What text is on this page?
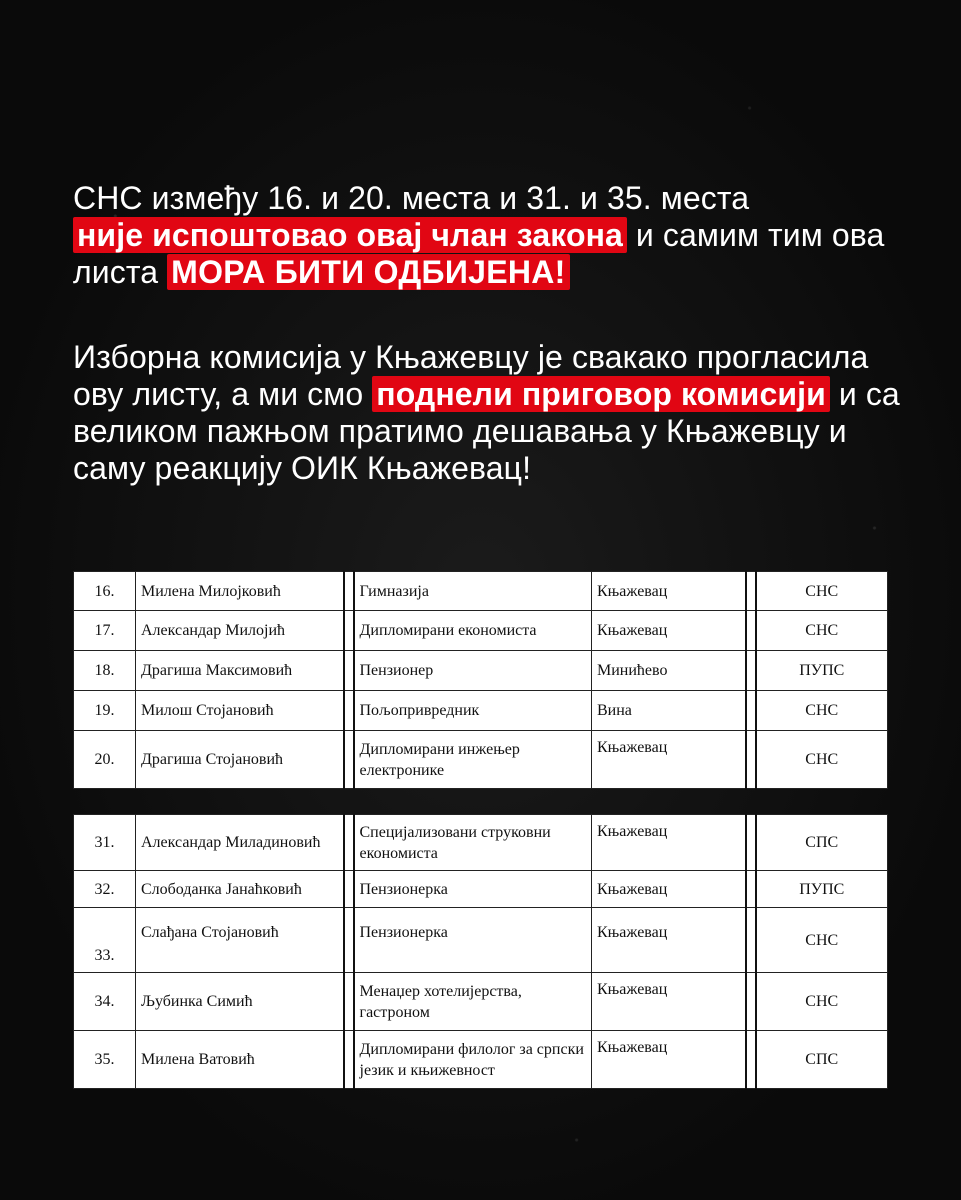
СНС између 16. и 20. места и 31. и 35. места
није испоштовао овај члан закона и самим тим ова листа МОРА БИТИ ОДБИЈЕНА!
Изборна комисија у Књажевцу је свакако прогласила ову листу, а ми смо поднели приговор комисији и са великом пажњом пратимо дешавања у Књажевцу и саму реакцију ОИК Књажевац!
16.	Милена Милојковић		Гимназија	Књажевац		СНС
17.	Александар Милојић		Дипломирани економиста	Књажевац		СНС
18.	Драгиша Максимовић		Пензионер	Минићево		ПУПС
19.	Милош Стојановић		Пољопривредник	Вина		СНС
20.	Драгиша Стојановић		Дипломирани инжењер електронике	Књажевац		СНС
31.	Александар Миладиновић		Специјализовани струковни економиста	Књажевац		СПС
32.	Слободанка Јанаћковић		Пензионерка	Књажевац		ПУПС
33.	Слађана Стојановић		Пензионерка	Књажевац		СНС
34.	Љубинка Симић		Менаџер хотелијерства, гастроном	Књажевац		СНС
35.	Милена Ватовић		Дипломирани филолог за српски језик и књижевност	Књажевац		СПС
